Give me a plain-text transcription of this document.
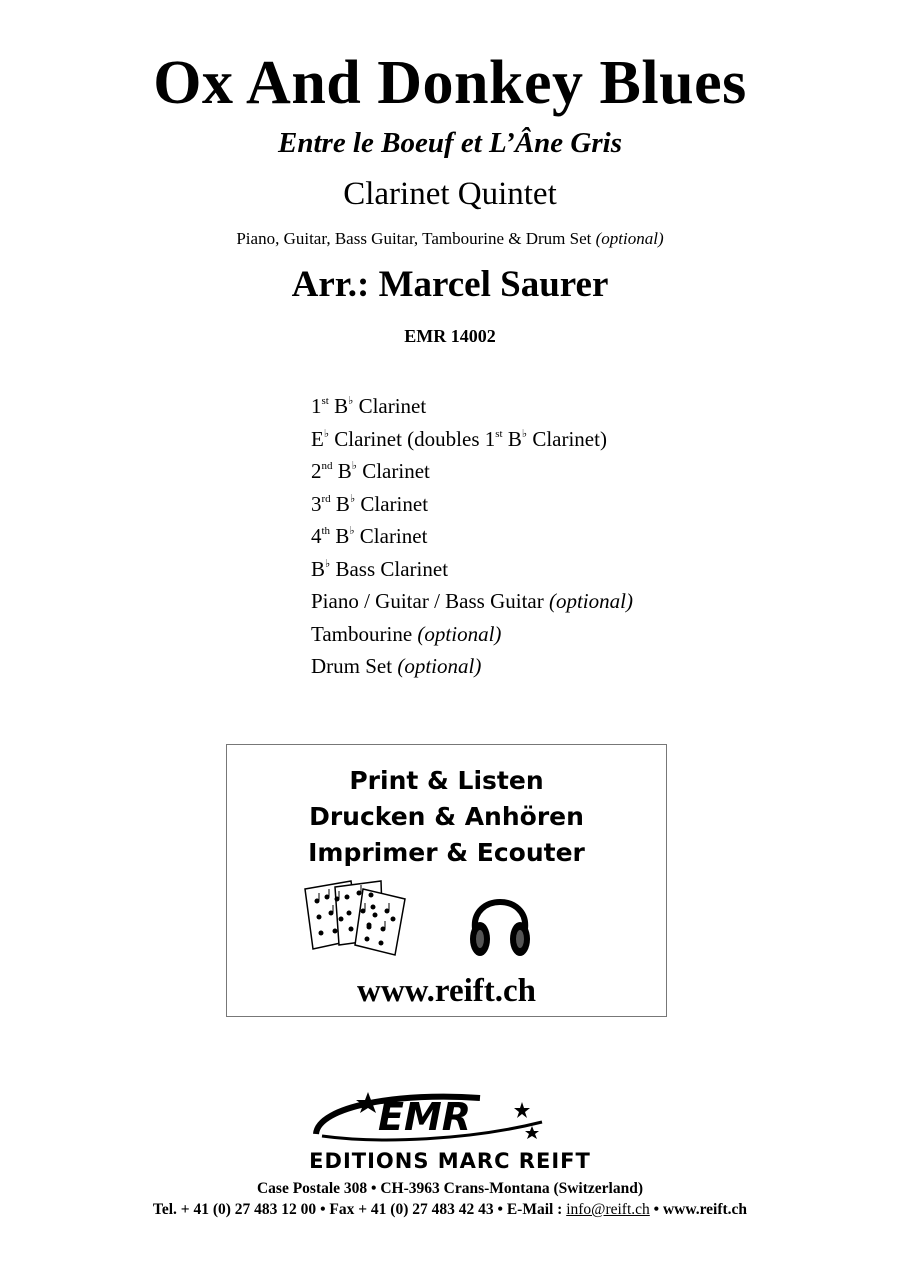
Ox And Donkey Blues
Entre le Boeuf et L’Âne Gris
Clarinet Quintet
Piano, Guitar, Bass Guitar, Tambourine & Drum Set (optional)
Arr.: Marcel Saurer
EMR 14002
1st B♭ Clarinet
E♭ Clarinet (doubles 1st B♭ Clarinet)
2nd B♭ Clarinet
3rd B♭ Clarinet
4th B♭ Clarinet
B♭ Bass Clarinet
Piano / Guitar / Bass Guitar (optional)
Tambourine (optional)
Drum Set (optional)
Print & Listen
Drucken & Anhören
Imprimer & Ecouter
www.reift.ch
EMR
EDITIONS MARC REIFT
Case Postale 308 • CH-3963 Crans-Montana (Switzerland)
Tel. + 41 (0) 27 483 12 00 • Fax + 41 (0) 27 483 42 43 • E-Mail : info@reift.ch • www.reift.ch
